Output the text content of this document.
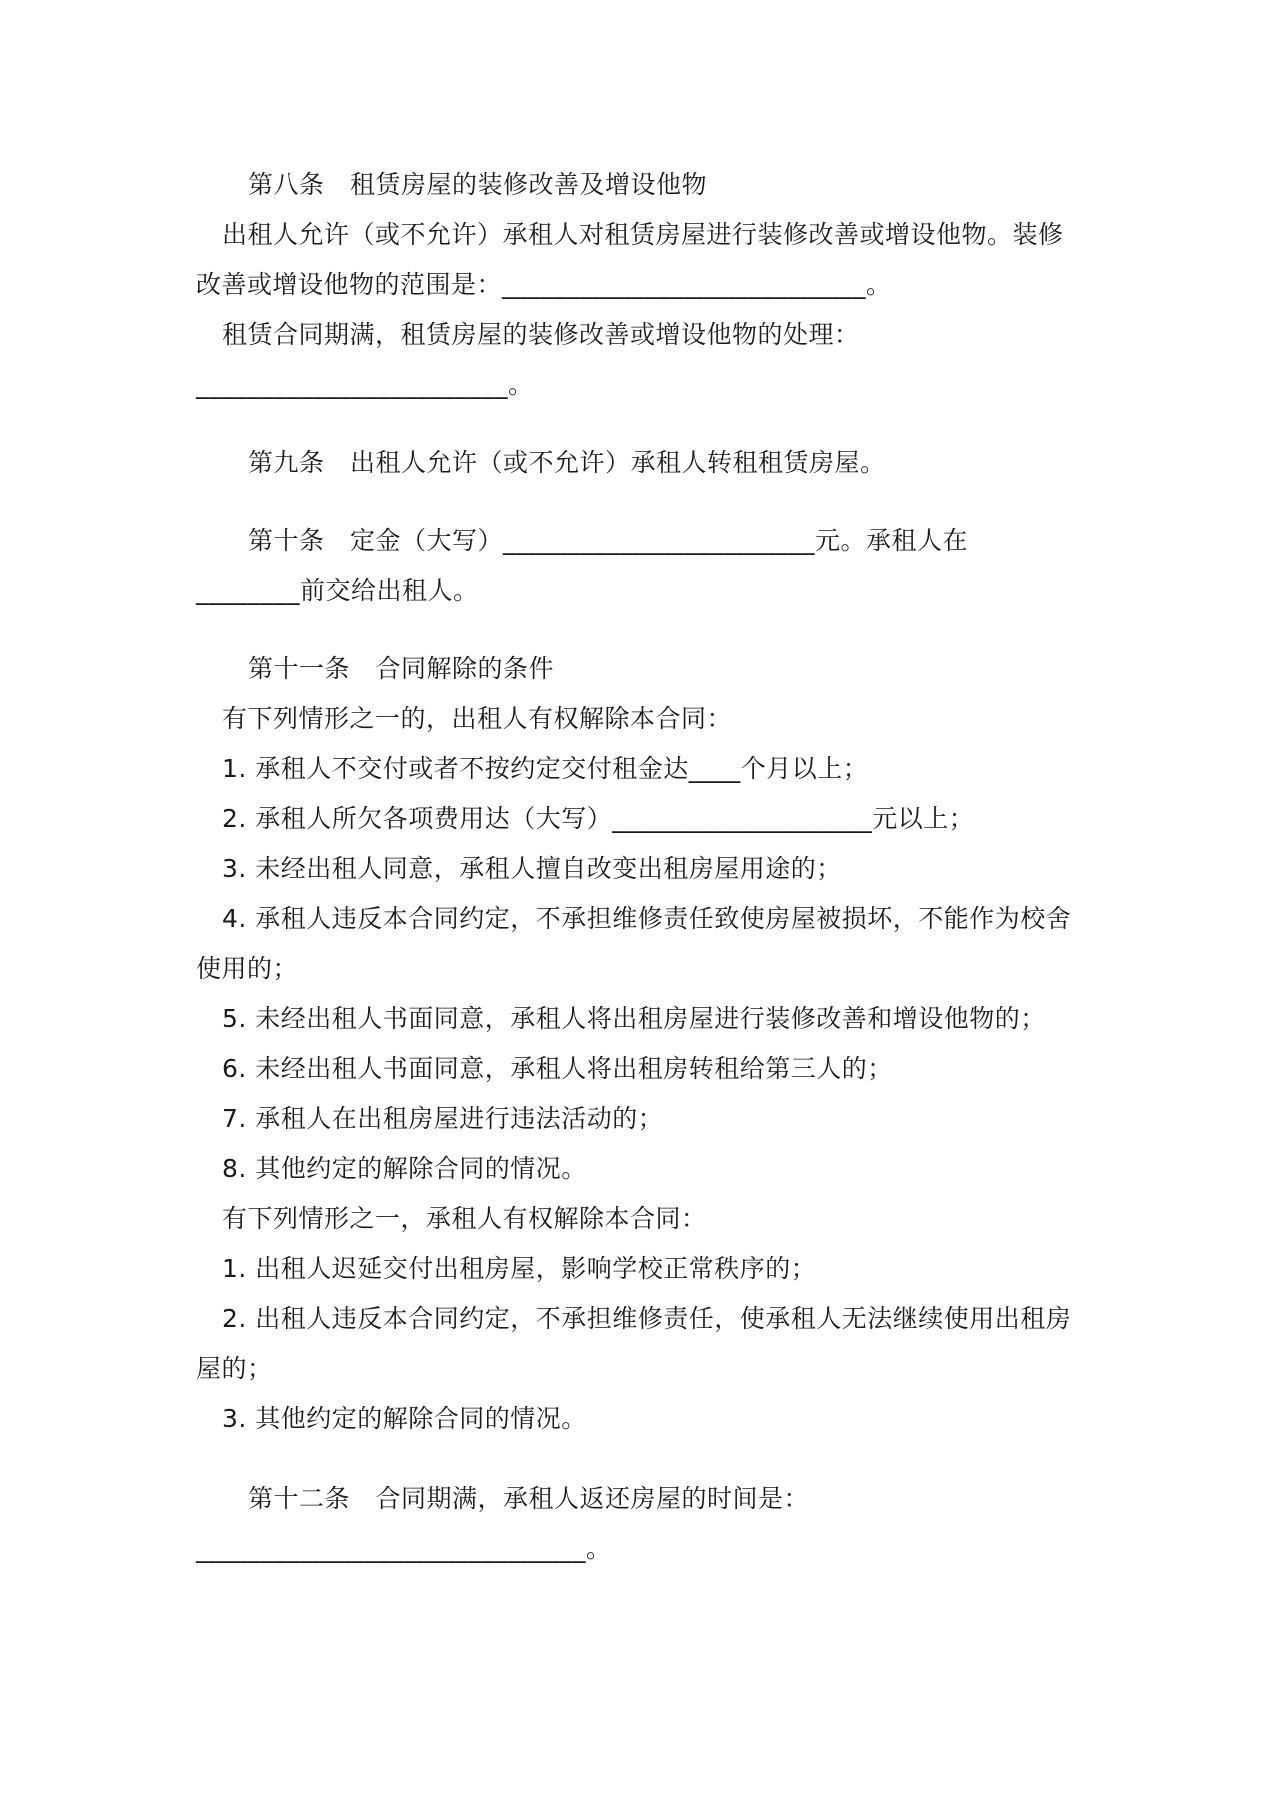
第八条　租赁房屋的装修改善及增设他物

出租人允许（或不允许）承租人对租赁房屋进行装修改善或增设他物。装修

改善或增设他物的范围是：____________________________。

租赁合同期满，租赁房屋的装修改善或增设他物的处理：

________________________。

第九条　出租人允许（或不允许）承租人转租租赁房屋。

第十条　定金（大写）________________________元。承租人在

________前交给出租人。

第十一条　合同解除的条件

有下列情形之一的，出租人有权解除本合同：

1. 承租人不交付或者不按约定交付租金达____个月以上；

2. 承租人所欠各项费用达（大写）____________________元以上；

3. 未经出租人同意，承租人擅自改变出租房屋用途的；

4. 承租人违反本合同约定，不承担维修责任致使房屋被损坏，不能作为校舍

使用的；

5. 未经出租人书面同意，承租人将出租房屋进行装修改善和增设他物的；

6. 未经出租人书面同意，承租人将出租房转租给第三人的；

7. 承租人在出租房屋进行违法活动的；

8. 其他约定的解除合同的情况。

有下列情形之一，承租人有权解除本合同：

1. 出租人迟延交付出租房屋，影响学校正常秩序的；

2. 出租人违反本合同约定，不承担维修责任，使承租人无法继续使用出租房

屋的；

3. 其他约定的解除合同的情况。

第十二条　合同期满，承租人返还房屋的时间是：

______________________________。
